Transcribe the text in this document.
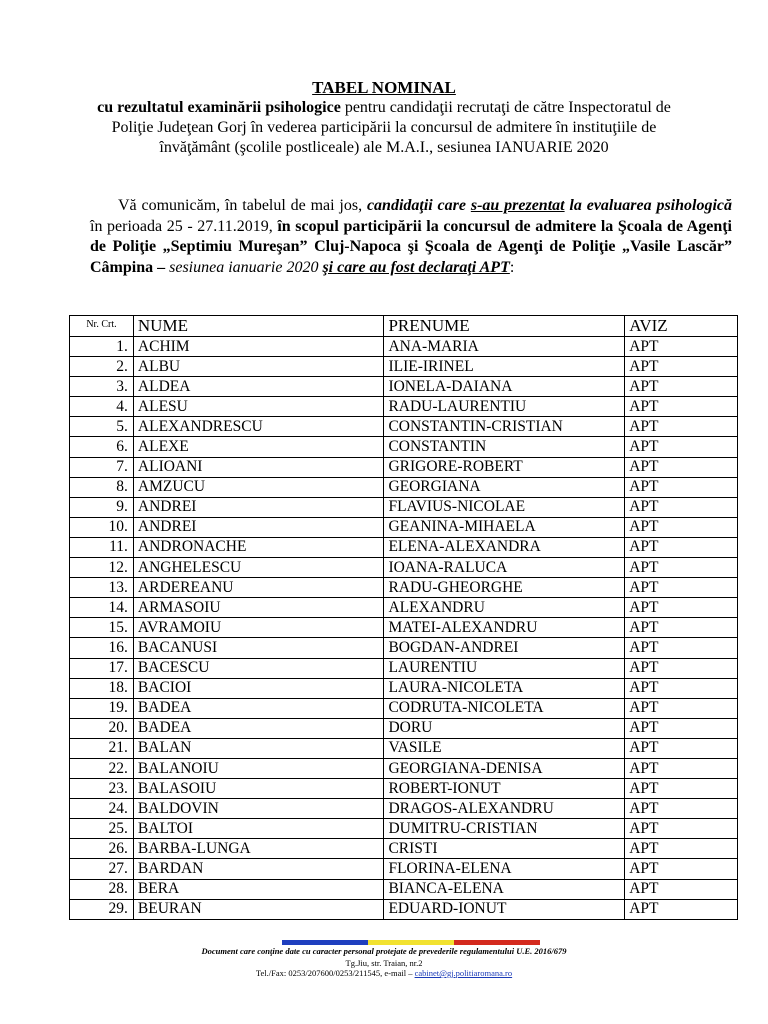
TABEL NOMINAL
cu rezultatul examinării psihologice pentru candidaţii recrutaţi de către Inspectoratul de Poliţie Judeţean Gorj în vederea participării la concursul de admitere în instituţiile de învăţământ (şcolile postliceale) ale M.A.I., sesiunea IANUARIE 2020
Vă comunicăm, în tabelul de mai jos, candidaţii care s-au prezentat la evaluarea psihologică în perioada 25 - 27.11.2019, în scopul participării la concursul de admitere la Şcoala de Agenţi de Poliţie „Septimiu Mureşan” Cluj-Napoca şi Şcoala de Agenţi de Poliţie „Vasile Lascăr” Câmpina – sesiunea ianuarie 2020 şi care au fost declaraţi APT:
Nr. Crt.	NUME	PRENUME	AVIZ
1.	ACHIM	ANA-MARIA	APT
2.	ALBU	ILIE-IRINEL	APT
3.	ALDEA	IONELA-DAIANA	APT
4.	ALESU	RADU-LAURENTIU	APT
5.	ALEXANDRESCU	CONSTANTIN-CRISTIAN	APT
6.	ALEXE	CONSTANTIN	APT
7.	ALIOANI	GRIGORE-ROBERT	APT
8.	AMZUCU	GEORGIANA	APT
9.	ANDREI	FLAVIUS-NICOLAE	APT
10.	ANDREI	GEANINA-MIHAELA	APT
11.	ANDRONACHE	ELENA-ALEXANDRA	APT
12.	ANGHELESCU	IOANA-RALUCA	APT
13.	ARDEREANU	RADU-GHEORGHE	APT
14.	ARMASOIU	ALEXANDRU	APT
15.	AVRAMOIU	MATEI-ALEXANDRU	APT
16.	BACANUSI	BOGDAN-ANDREI	APT
17.	BACESCU	LAURENTIU	APT
18.	BACIOI	LAURA-NICOLETA	APT
19.	BADEA	CODRUTA-NICOLETA	APT
20.	BADEA	DORU	APT
21.	BALAN	VASILE	APT
22.	BALANOIU	GEORGIANA-DENISA	APT
23.	BALASOIU	ROBERT-IONUT	APT
24.	BALDOVIN	DRAGOS-ALEXANDRU	APT
25.	BALTOI	DUMITRU-CRISTIAN	APT
26.	BARBA-LUNGA	CRISTI	APT
27.	BARDAN	FLORINA-ELENA	APT
28.	BERA	BIANCA-ELENA	APT
29.	BEURAN	EDUARD-IONUT	APT
Document care conţine date cu caracter personal protejate de prevederile regulamentului U.E. 2016/679
Tg.Jiu, str. Traian, nr.2
Tel./Fax: 0253/207600/0253/211545, e-mail – cabinet@gj.politiaromana.ro
